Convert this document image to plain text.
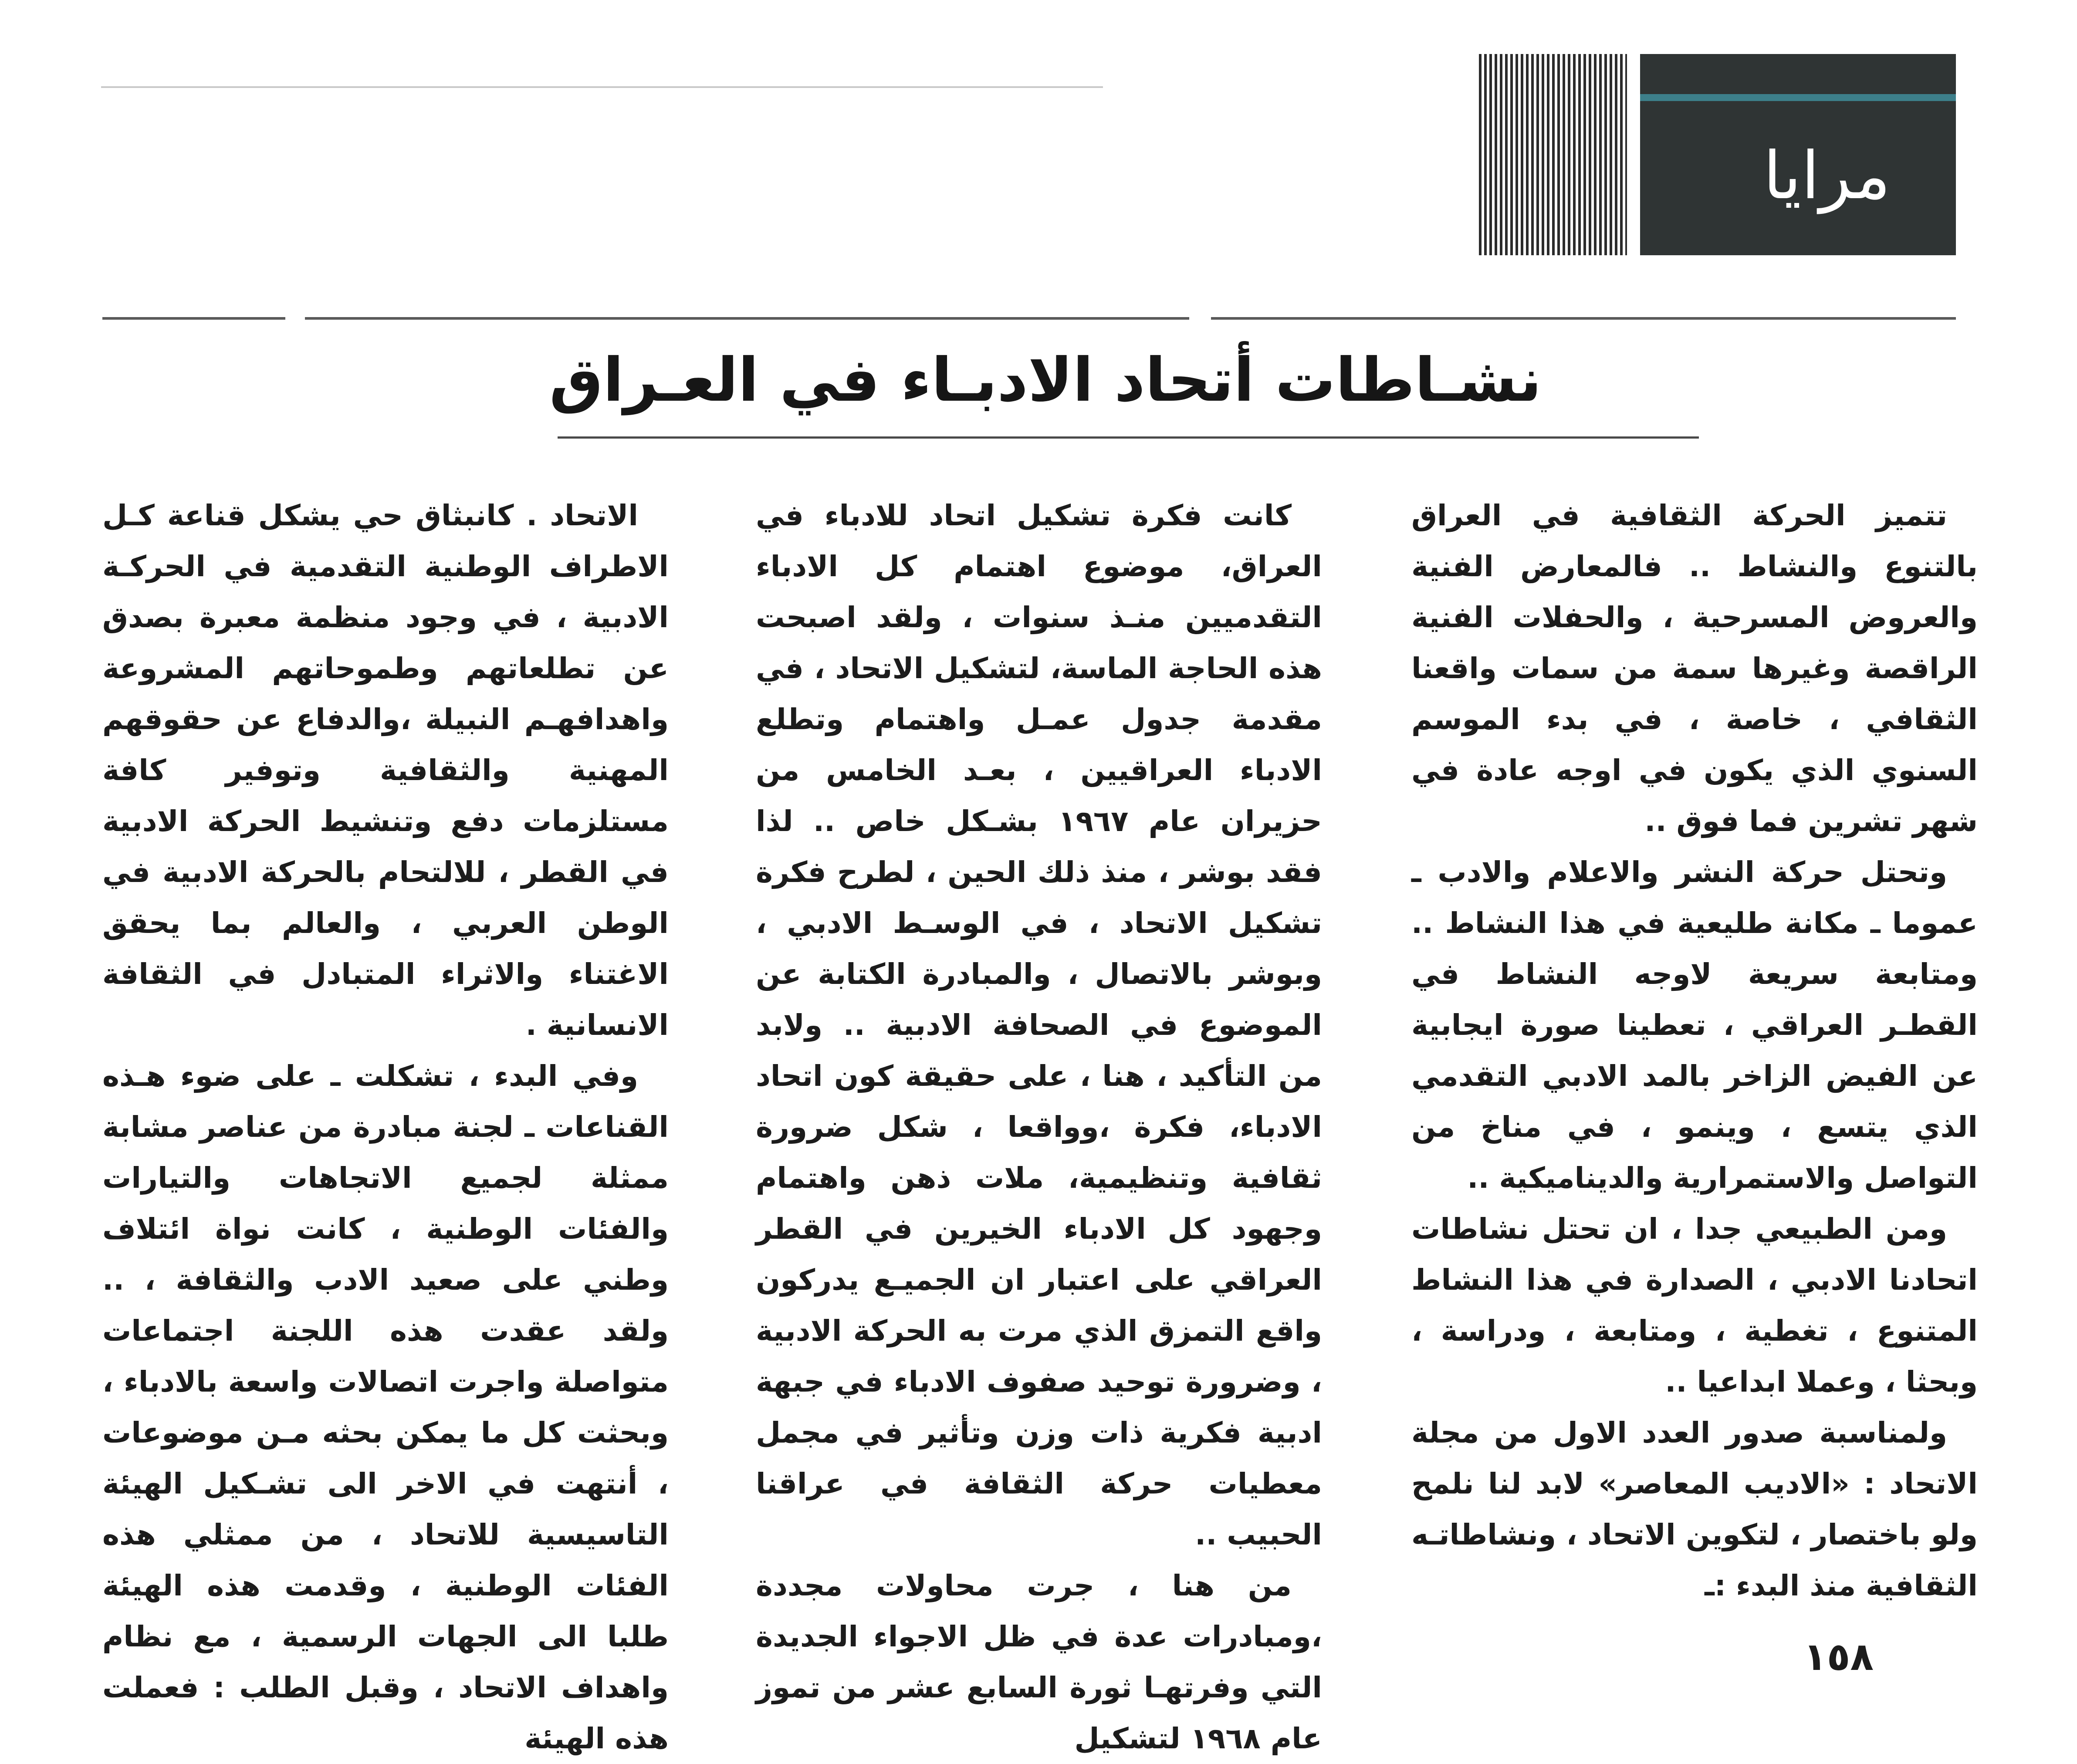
مرايا
نشـاطات أتحاد الادبـاء في العـراق

تتميز الحركة الثقافية في العراق بالتنوع والنشاط .. فالمعارض الفنية والعروض المسرحية ، والحفلات الفنية الراقصة وغيرها سمة من سمات واقعنا الثقافي ، خاصة ، في بدء الموسم السنوي الذي يكون في اوجه عادة في شهر تشرين فما فوق ..

وتحتل حركة النشر والاعلام والادب ـ عموما ـ مكانة طليعية في هذا النشاط .. ومتابعة سريعة لاوجه النشاط في القطـر العراقي ، تعطينا صورة ايجابية عن الفيض الزاخر بالمد الادبي التقدمي الذي يتسع ، وينمو ، في مناخ من التواصل والاستمرارية والديناميكية ..

ومن الطبيعي جدا ، ان تحتل نشاطات اتحادنا الادبي ، الصدارة في هذا النشاط المتنوع ، تغطية ، ومتابعة ، ودراسة ، وبحثا ، وعملا ابداعيا ..

ولمناسبة صدور العدد الاول من مجلة الاتحاد : «الاديب المعاصر» لابد لنا نلمح ولو باختصار ، لتكوين الاتحاد ، ونشاطاتـه الثقافية منذ البدء :ـ

كانت فكرة تشكيل اتحاد للادباء في العراق، موضوع اهتمام كل الادباء التقدميين منـذ سنوات ، ولقد اصبحت هذه الحاجة الماسة، لتشكيل الاتحاد ، في مقدمة جدول عمـل واهتمام وتطلع الادباء العراقيين ، بعـد الخامس من حزيران عام ١٩٦٧ بشـكل خاص .. لذا فقد بوشر ، منذ ذلك الحين ، لطرح فكرة تشكيل الاتحاد ، في الوسـط الادبي ، وبوشر بالاتصال ، والمبادرة الكتابة عن الموضوع في الصحافة الادبية .. ولابد من التأكيد ، هنا ، على حقيقة كون اتحاد الادباء، فكرة ،وواقعا ، شكل ضرورة ثقافية وتنظيمية، ملات ذهن واهتمام وجهود كل الادباء الخيرين في القطر العراقي على اعتبار ان الجميـع يدركون واقع التمزق الذي مرت به الحركة الادبية ، وضرورة توحيد صفوف الادباء في جبهة ادبية فكرية ذات وزن وتأثير في مجمل معطيات حركة الثقافة في عراقنا الحبيب ..

من هنا ، جرت محاولات مجددة ،ومبادرات عدة في ظل الاجواء الجديدة التي وفرتهـا ثورة السابع عشر من تموز عام ١٩٦٨ لتشكيل

الاتحاد . كانبثاق حي يشكل قناعة كـل الاطراف الوطنية التقدمية في الحركـة الادبية ، في وجود منظمة معبرة بصدق عن تطلعاتهم وطموحاتهم المشروعة واهدافهـم النبيلة ،والدفاع عن حقوقهم المهنية والثقافية وتوفير كافة مستلزمات دفع وتنشيط الحركة الادبية في القطر ، للالتحام بالحركة الادبية في الوطن العربي ، والعالم بما يحقق الاغتناء والاثراء المتبادل في الثقافة الانسانية .

وفي البدء ، تشكلت ـ على ضوء هـذه القناعات ـ لجنة مبادرة من عناصر مشابة ممثلة لجميع الاتجاهات والتيارات والفئات الوطنية ، كانت نواة ائتلاف وطني على صعيد الادب والثقافة ، .. ولقد عقدت هذه اللجنة اجتماعات متواصلة واجرت اتصالات واسعة بالادباء ، وبحثت كل ما يمكن بحثه مـن موضوعات ، أنتهت في الاخر الى تشـكيل الهيئة التاسيسية للاتحاد ، من ممثلي هذه الفئات الوطنية ، وقدمت هذه الهيئة طلبا الى الجهات الرسمية ، مع نظام واهداف الاتحاد ، وقبل الطلب : فعملت هذه الهيئة

١٥٨
